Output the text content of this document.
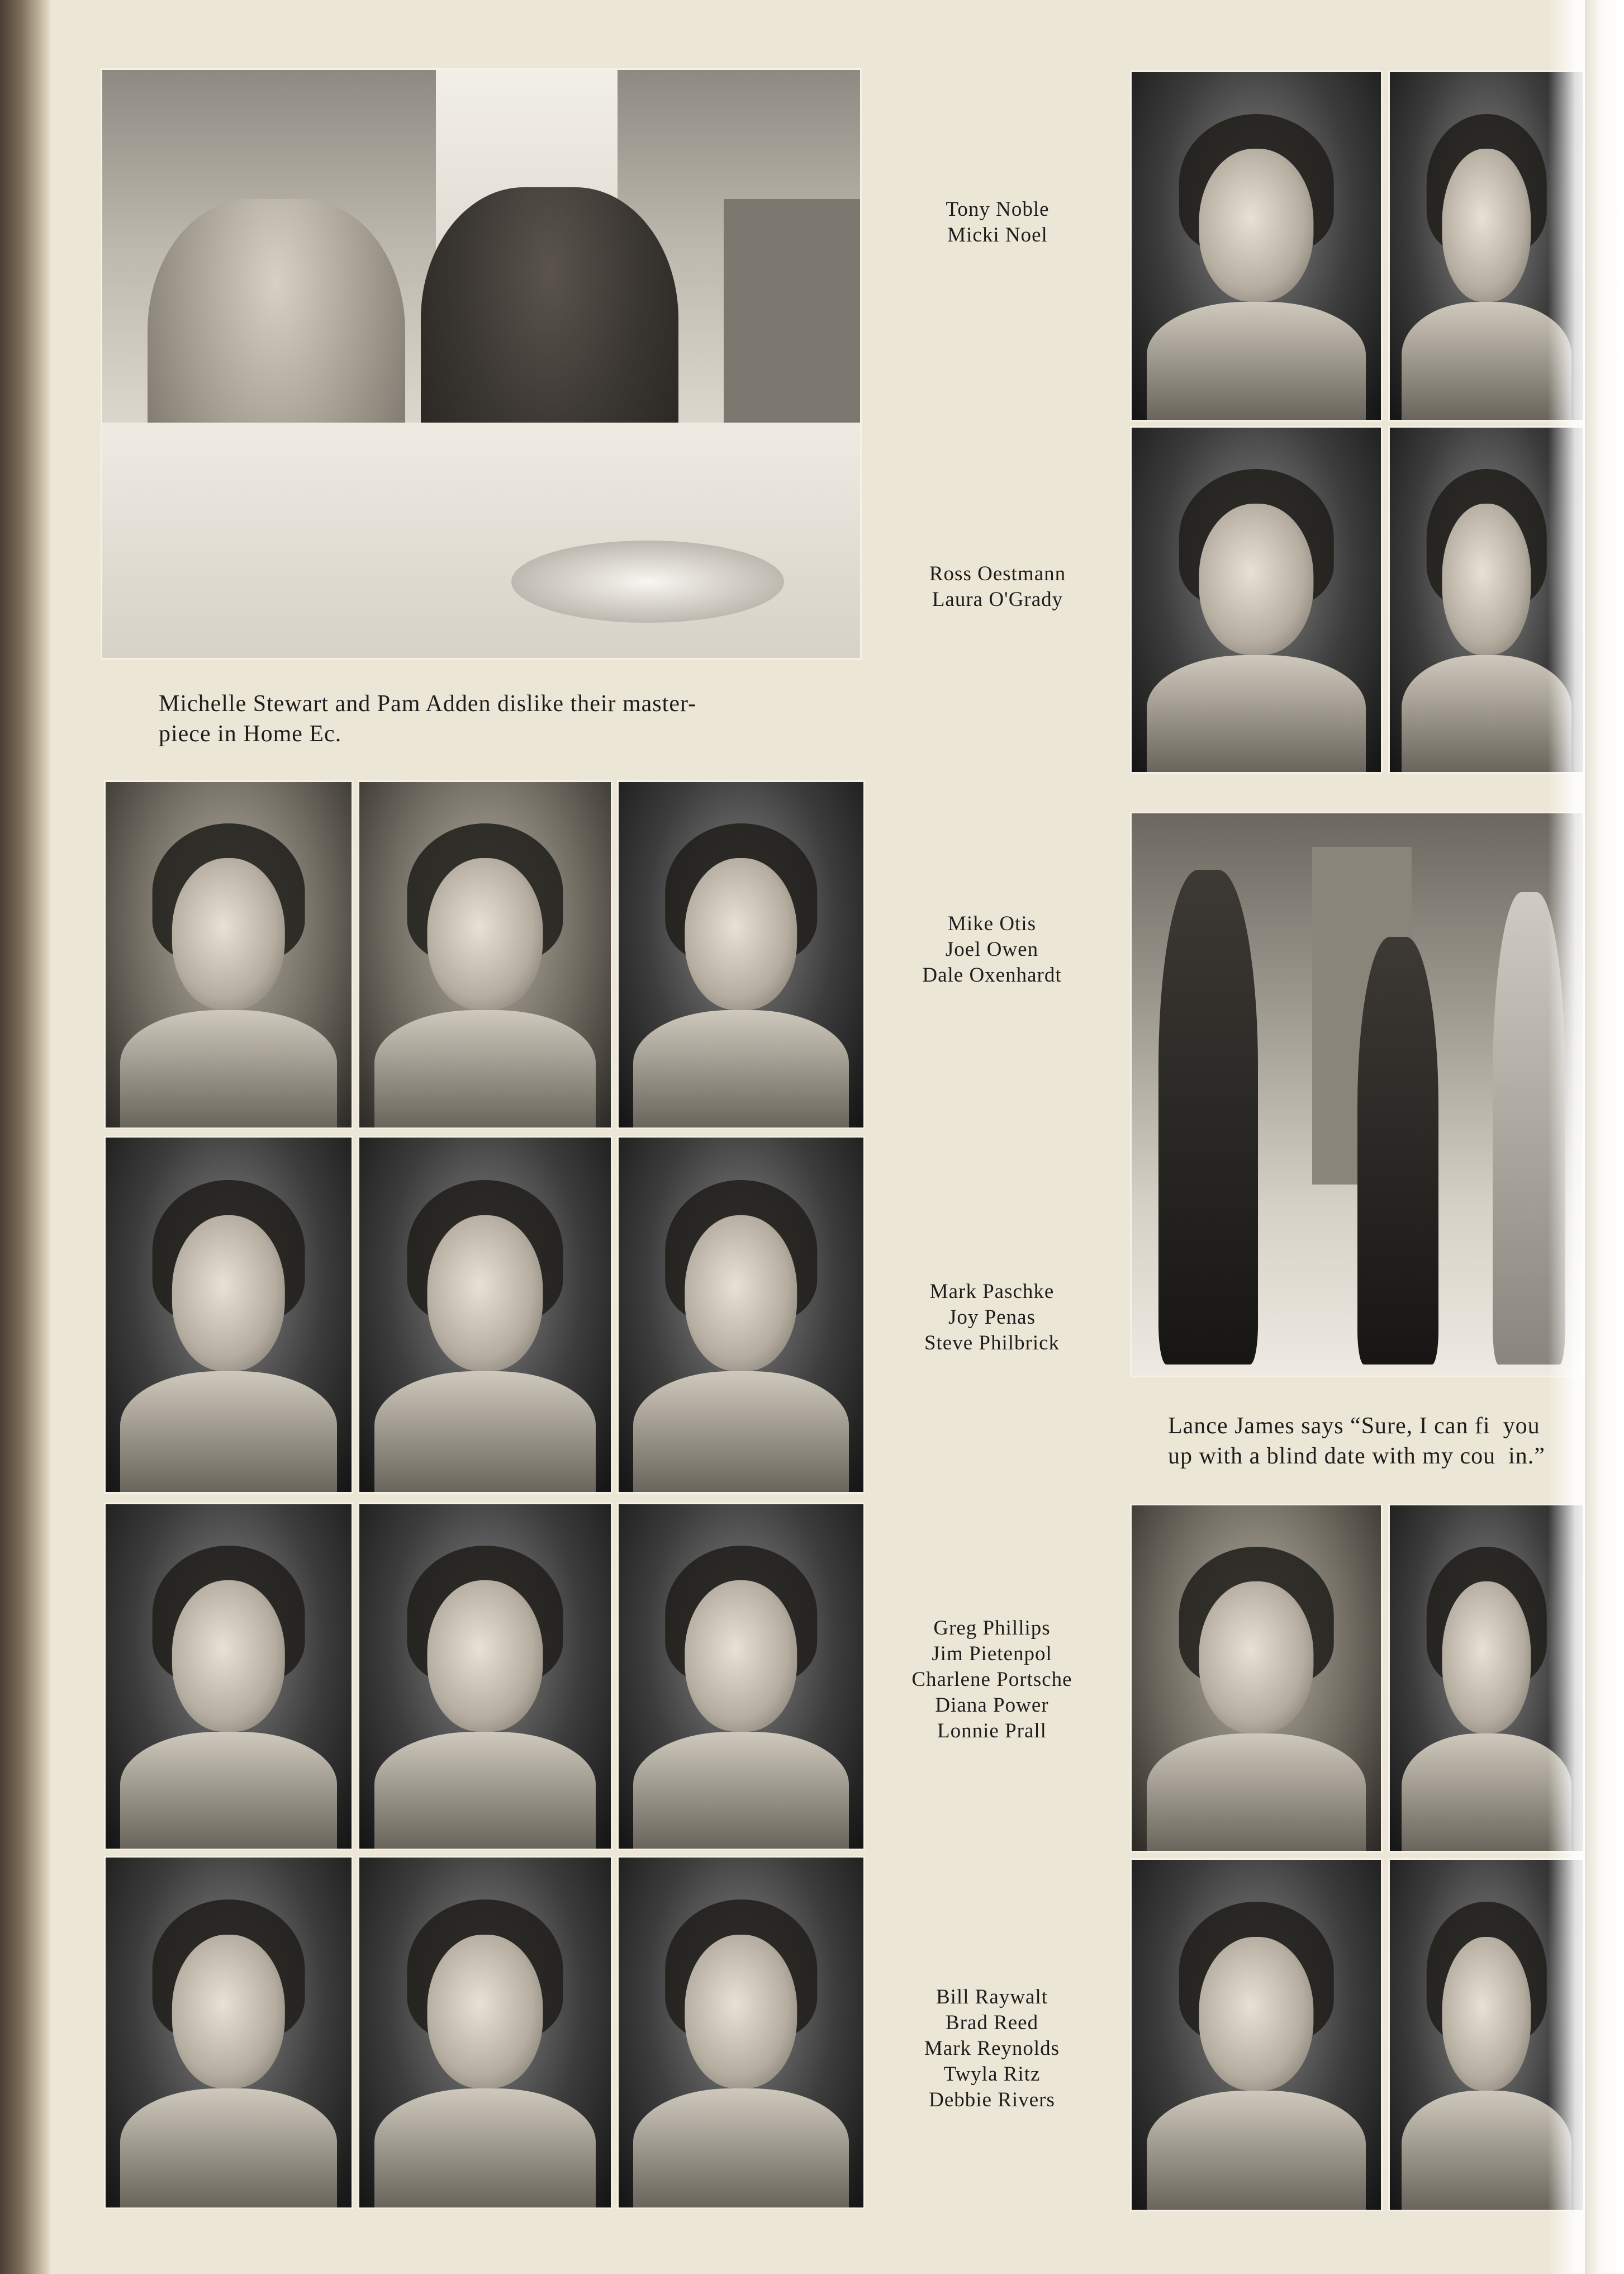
Michelle Stewart and Pam Adden dislike their master-
piece in Home Ec.
Lance James says “Sure, I can fi  you
up with a blind date with my cou  in.”
Tony Noble
Micki Noel
Ross Oestmann
Laura O'Grady
Mike Otis
Joel Owen
Dale Oxenhardt
Mark Paschke
Joy Penas
Steve Philbrick
Greg Phillips
Jim Pietenpol
Charlene Portsche
Diana Power
Lonnie Prall
Bill Raywalt
Brad Reed
Mark Reynolds
Twyla Ritz
Debbie Rivers
